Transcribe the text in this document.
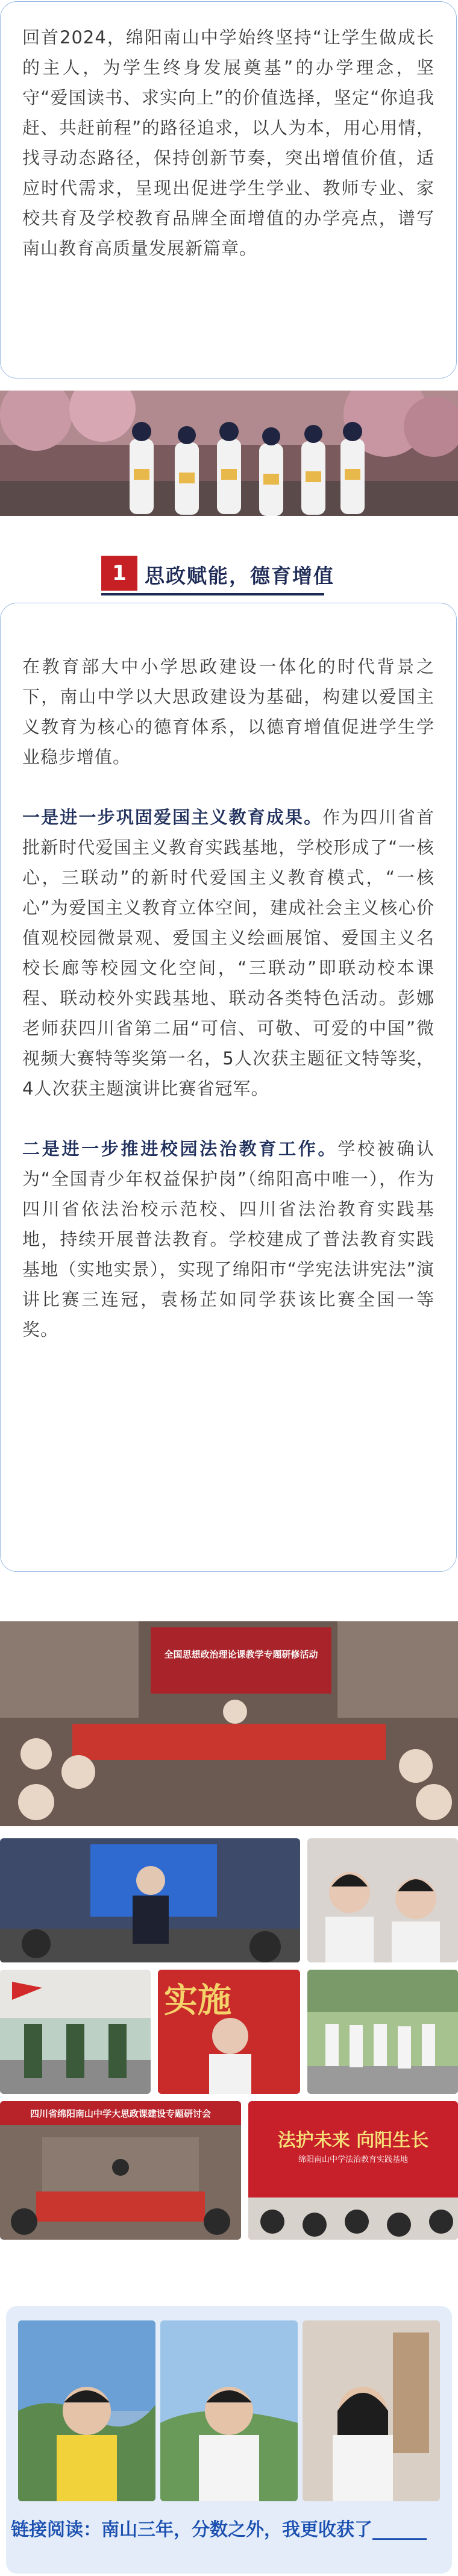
回首2024，绵阳南山中学始终坚持“让学生做成长的主人，为学生终身发展奠基”的办学理念，坚守“爱国读书、求实向上”的价值选择，坚定“你追我赶、共赶前程”的路径追求，以人为本，用心用情，找寻动态路径，保持创新节奏，突出增值价值，适应时代需求，呈现出促进学生学业、教师专业、家校共育及学校教育品牌全面增值的办学亮点，谱写南山教育高质量发展新篇章。

1 思政赋能，德育增值

在教育部大中小学思政建设一体化的时代背景之下，南山中学以大思政建设为基础，构建以爱国主义教育为核心的德育体系，以德育增值促进学生学业稳步增值。

一是进一步巩固爱国主义教育成果。作为四川省首批新时代爱国主义教育实践基地，学校形成了“一核心，三联动”的新时代爱国主义教育模式，“一核心”为爱国主义教育立体空间，建成社会主义核心价值观校园微景观、爱国主义绘画展馆、爱国主义名校长廊等校园文化空间，“三联动”即联动校本课程、联动校外实践基地、联动各类特色活动。彭娜老师获四川省第二届“可信、可敬、可爱的中国”微视频大赛特等奖第一名，5人次获主题征文特等奖，4人次获主题演讲比赛省冠军。

二是进一步推进校园法治教育工作。学校被确认为“全国青少年权益保护岗”（绵阳高中唯一），作为四川省依法治校示范校、四川省法治教育实践基地，持续开展普法教育。学校建成了普法教育实践基地（实地实景），实现了绵阳市“学宪法讲宪法”演讲比赛三连冠，袁杨芷如同学获该比赛全国一等奖。

全国思想政治理论课教学专题研修活动
实施
四川省绵阳南山中学大思政课建设专题研讨会
法护未来 向阳生长
绵阳南山中学法治教育实践基地
链接阅读：南山三年，分数之外，我更收获了______
